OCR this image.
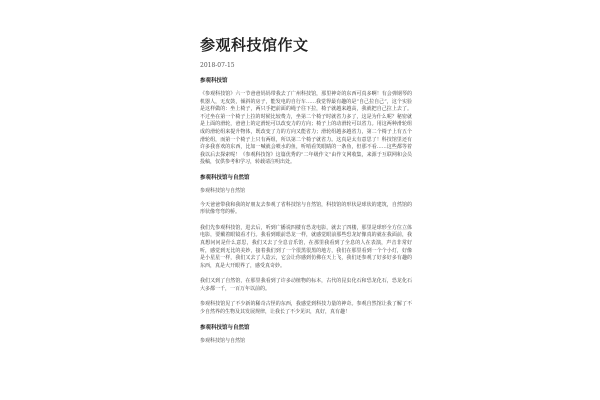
参观科技馆作文
2018-07-15
参观科技馆

《参观科技馆》六一节爸爸妈妈带我去了广州科技馆，那里神奇的东西可真多啊！有会弹钢琴的机器人，无皮鼓，倾斜的房子，能发电的自行车……我觉得最有趣的是“自己拉自己”，这个实验是这样做的：坐上椅子，两只手把前面的绳子往下拉，椅子就越来越高，我就把自己拉上去了。不过坐在第一个椅子上拉的时候比较费力，坐第二个椅子时就省力多了，这是为什么呢？秘密就是上面的滑轮，爸爸上的定滑轮可以改变力的方向；椅子上的动滑轮可以省力。用这两种滑轮组成的滑轮组来提升物体，既改变了力的方向又能省力；滑轮组越多越省力，第二个椅子上有五个滑轮组，而第一个椅子上只有两组，所以第二个椅子就省力。这真是太有意思了！科技馆里还有许多我喜欢的东西，比如一喊就会喷水的鱼，听哨看笑眼睛的一条鱼，但那不看……这些都等着我以后去探索呢！《参观科技馆》这篇优秀的“二年级作文”由作文网收集，来源于互联网和会员投稿，仅供参考和学习，转载请注明出处。

参观科技馆与自然馆

参观科技馆与自然馆

今天爸爸带我和我的好朋友去参观了省科技馆与自然馆，科技馆的形状是球状的建筑，自然馆的形状像弯弯的桥。

我们先参观科技馆，进去后，听到广播说四楼有恐龙电影，就去了四楼，那里是球形全方位立体电影，要戴着眼镜看才行。我看到眼前恐龙一样，就感觉眼前那些恐龙好像真的就在我面前，我真想问问是什么意思，我们又去了全息音乐馆，在那里我看到了全息的人在表演，声音非常好听，感觉到无比的美妙，接着我们到了一个很黑很黑的地方，我们在那里看到一个个小灯，好像是小星星一样，我们又去了人造云，它会让你感到仿佛在天上飞，我们还参观了好多好多有趣的东西，真是大开眼界了，感受真奇妙。

我们又到了自然馆，在那里我看到了许多动植物的标本，古代的昆虫化石和恐龙化石，恐龙化石大多都一千，一百万年以前的。

参观科技馆见了不少新的稀奇古怪的东西，我感觉到科技力量的神奇。参观自然馆让我了解了不少自然界的生物及其发展规律，让我长了不少见识，真好，真有趣！

参观科技馆与自然馆

参观科技馆与自然馆
